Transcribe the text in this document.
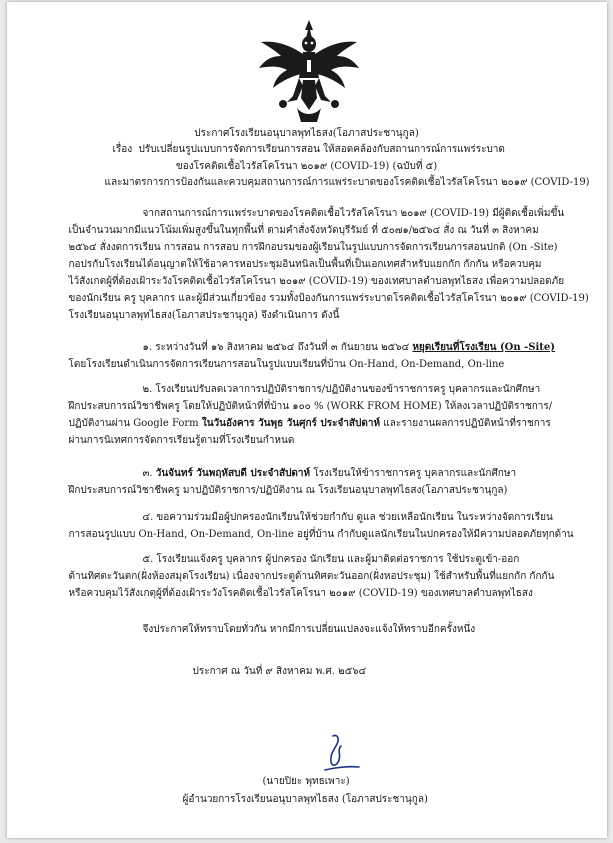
ประกาศโรงเรียนอนุบาลพุทไธสง(โอภาสประชานุกูล)
เรื่อง ปรับเปลี่ยนรูปแบบการจัดการเรียนการสอน ให้สอดคล้องกับสถานการณ์การแพร่ระบาด
ของโรคติดเชื้อไวรัสโคโรนา ๒๐๑๙ (COVID-19) (ฉบับที่ ๕)
และมาตรการการป้องกันและควบคุมสถานการณ์การแพร่ระบาดของโรคติดเชื้อไวรัสโคโรนา ๒๐๑๙ (COVID-19)
จากสถานการณ์การแพร่ระบาดของโรคติดเชื้อไวรัสโคโรนา ๒๐๑๙ (COVID-19) มีผู้ติดเชื้อเพิ่มขึ้น
เป็นจำนวนมากมีแนวโน้มเพิ่มสูงขึ้นในทุกพื้นที่ ตามคำสั่งจังหวัดบุรีรัมย์ ที่ ๕๐๗๑/๒๕๖๔ สั่ง ณ วันที่ ๓ สิงหาคม
๒๕๖๔ สั่งงดการเรียน การสอน การสอบ การฝึกอบรมของผู้เรียนในรูปแบบการจัดการเรียนการสอนปกติ (On -Site)
กอปรกับโรงเรียนได้อนุญาตให้ใช้อาคารหอประชุมอินทนิลเป็นพื้นที่เป็นเอกเทศสำหรับแยกกัก กักกัน หรือควบคุม
ไว้สังเกตผู้ที่ต้องเฝ้าระวังโรคติดเชื้อไวรัสโคโรนา ๒๐๑๙ (COVID-19) ของเทศบาลตำบลพุทไธสง เพื่อความปลอดภัย
ของนักเรียน ครู บุคลากร และผู้มีส่วนเกี่ยวข้อง รวมทั้งป้องกันการแพร่ระบาดโรคติดเชื้อไวรัสโคโรนา ๒๐๑๙ (COVID-19)
โรงเรียนอนุบาลพุทไธสง(โอภาสประชานุกูล) จึงดำเนินการ ดังนี้
๑. ระหว่างวันที่ ๑๖ สิงหาคม ๒๕๖๔ ถึงวันที่ ๓ กันยายน ๒๕๖๔ หยุดเรียนที่โรงเรียน (On -Site)
โดยโรงเรียนดำเนินการจัดการเรียนการสอนในรูปแบบเรียนที่บ้าน On-Hand, On-Demand, On-line
๒. โรงเรียนปรับลดเวลาการปฏิบัติราชการ/ปฏิบัติงานของข้าราชการครู บุคลากรและนักศึกษา
ฝึกประสบการณ์วิชาชีพครู โดยให้ปฏิบัติหน้าที่ที่บ้าน ๑๐๐ % (WORK FROM HOME) ให้ลงเวลาปฏิบัติราชการ/
ปฏิบัติงานผ่าน Google Form ในวันอังคาร วันพุธ วันศุกร์ ประจำสัปดาห์ และรายงานผลการปฏิบัติหน้าที่ราชการ
ผ่านการนิเทศการจัดการเรียนรู้ตามที่โรงเรียนกำหนด
๓. วันจันทร์ วันพฤหัสบดี ประจำสัปดาห์ โรงเรียนให้ข้าราชการครู บุคลากรและนักศึกษา
ฝึกประสบการณ์วิชาชีพครู มาปฏิบัติราชการ/ปฏิบัติงาน ณ โรงเรียนอนุบาลพุทไธสง(โอภาสประชานุกูล)
๔. ขอความร่วมมือผู้ปกครองนักเรียนให้ช่วยกำกับ ดูแล ช่วยเหลือนักเรียน ในระหว่างจัดการเรียน
การสอนรูปแบบ On-Hand, On-Demand, On-line อยู่ที่บ้าน กำกับดูแลนักเรียนในปกครองให้มีความปลอดภัยทุกด้าน
๕. โรงเรียนแจ้งครู บุคลากร ผู้ปกครอง นักเรียน และผู้มาติดต่อราชการ ใช้ประตูเข้า-ออก
ด้านทิศตะวันตก(ฝั่งห้องสมุดโรงเรียน) เนื่องจากประตูด้านทิศตะวันออก(ฝั่งหอประชุม) ใช้สำหรับพื้นที่แยกกัก กักกัน
หรือควบคุมไว้สังเกตุผู้ที่ต้องเฝ้าระวังโรคติดเชื้อไวรัสโคโรนา ๒๐๑๙ (COVID-19) ของเทศบาลตำบลพุทไธสง
จึงประกาศให้ทราบโดยทั่วกัน หากมีการเปลี่ยนแปลงจะแจ้งให้ทราบอีกครั้งหนึ่ง
ประกาศ ณ วันที่ ๙ สิงหาคม พ.ศ. ๒๕๖๔
(นายปิยะ พุทธเพาะ)
ผู้อำนวยการโรงเรียนอนุบาลพุทไธสง (โอภาสประชานุกูล)
